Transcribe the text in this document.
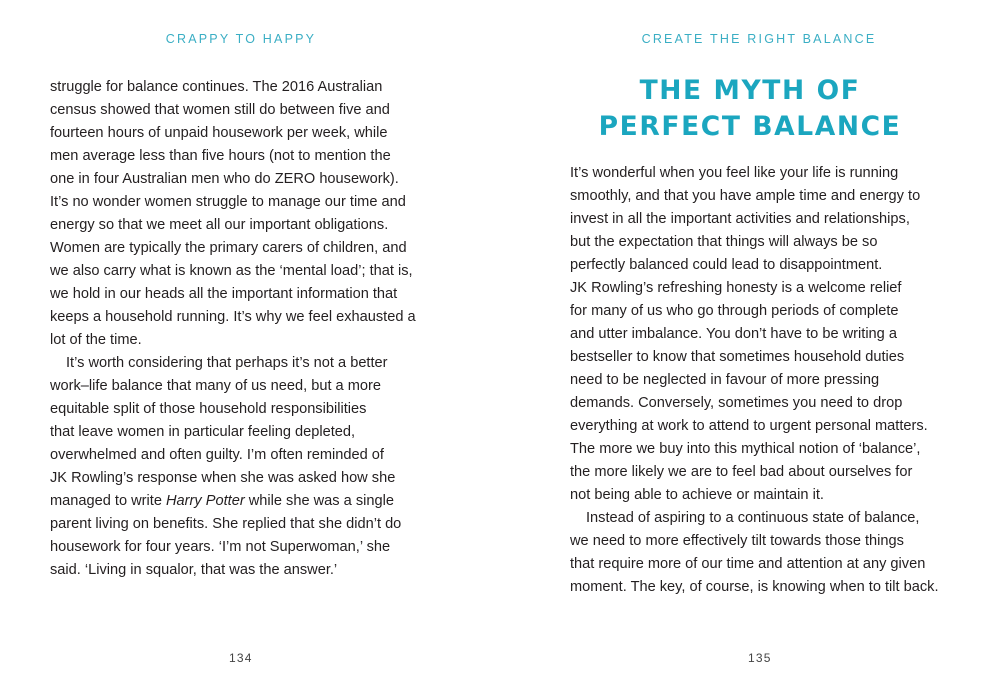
CRAPPY TO HAPPY
struggle for balance continues. The 2016 Australian
census showed that women still do between five and
fourteen hours of unpaid housework per week, while
men average less than five hours (not to mention the
one in four Australian men who do ZERO housework).
It’s no wonder women struggle to manage our time and
energy so that we meet all our important obligations.
Women are typically the primary carers of children, and
we also carry what is known as the ‘mental load’; that is,
we hold in our heads all the important information that
keeps a household running. It’s why we feel exhausted a
lot of the time.
It’s worth considering that perhaps it’s not a better
work–life balance that many of us need, but a more
equitable split of those household responsibilities
that leave women in particular feeling depleted,
overwhelmed and often guilty. I’m often reminded of
JK Rowling’s response when she was asked how she
managed to write Harry Potter while she was a single
parent living on benefits. She replied that she didn’t do
housework for four years. ‘I’m not Superwoman,’ she
said. ‘Living in squalor, that was the answer.’
134
CREATE THE RIGHT BALANCE
THE MYTH OF
PERFECT BALANCE
It’s wonderful when you feel like your life is running
smoothly, and that you have ample time and energy to
invest in all the important activities and relationships,
but the expectation that things will always be so
perfectly balanced could lead to disappointment.
JK Rowling’s refreshing honesty is a welcome relief
for many of us who go through periods of complete
and utter imbalance. You don’t have to be writing a
bestseller to know that sometimes household duties
need to be neglected in favour of more pressing
demands. Conversely, sometimes you need to drop
everything at work to attend to urgent personal matters.
The more we buy into this mythical notion of ‘balance’,
the more likely we are to feel bad about ourselves for
not being able to achieve or maintain it.
Instead of aspiring to a continuous state of balance,
we need to more effectively tilt towards those things
that require more of our time and attention at any given
moment. The key, of course, is knowing when to tilt back.
135
